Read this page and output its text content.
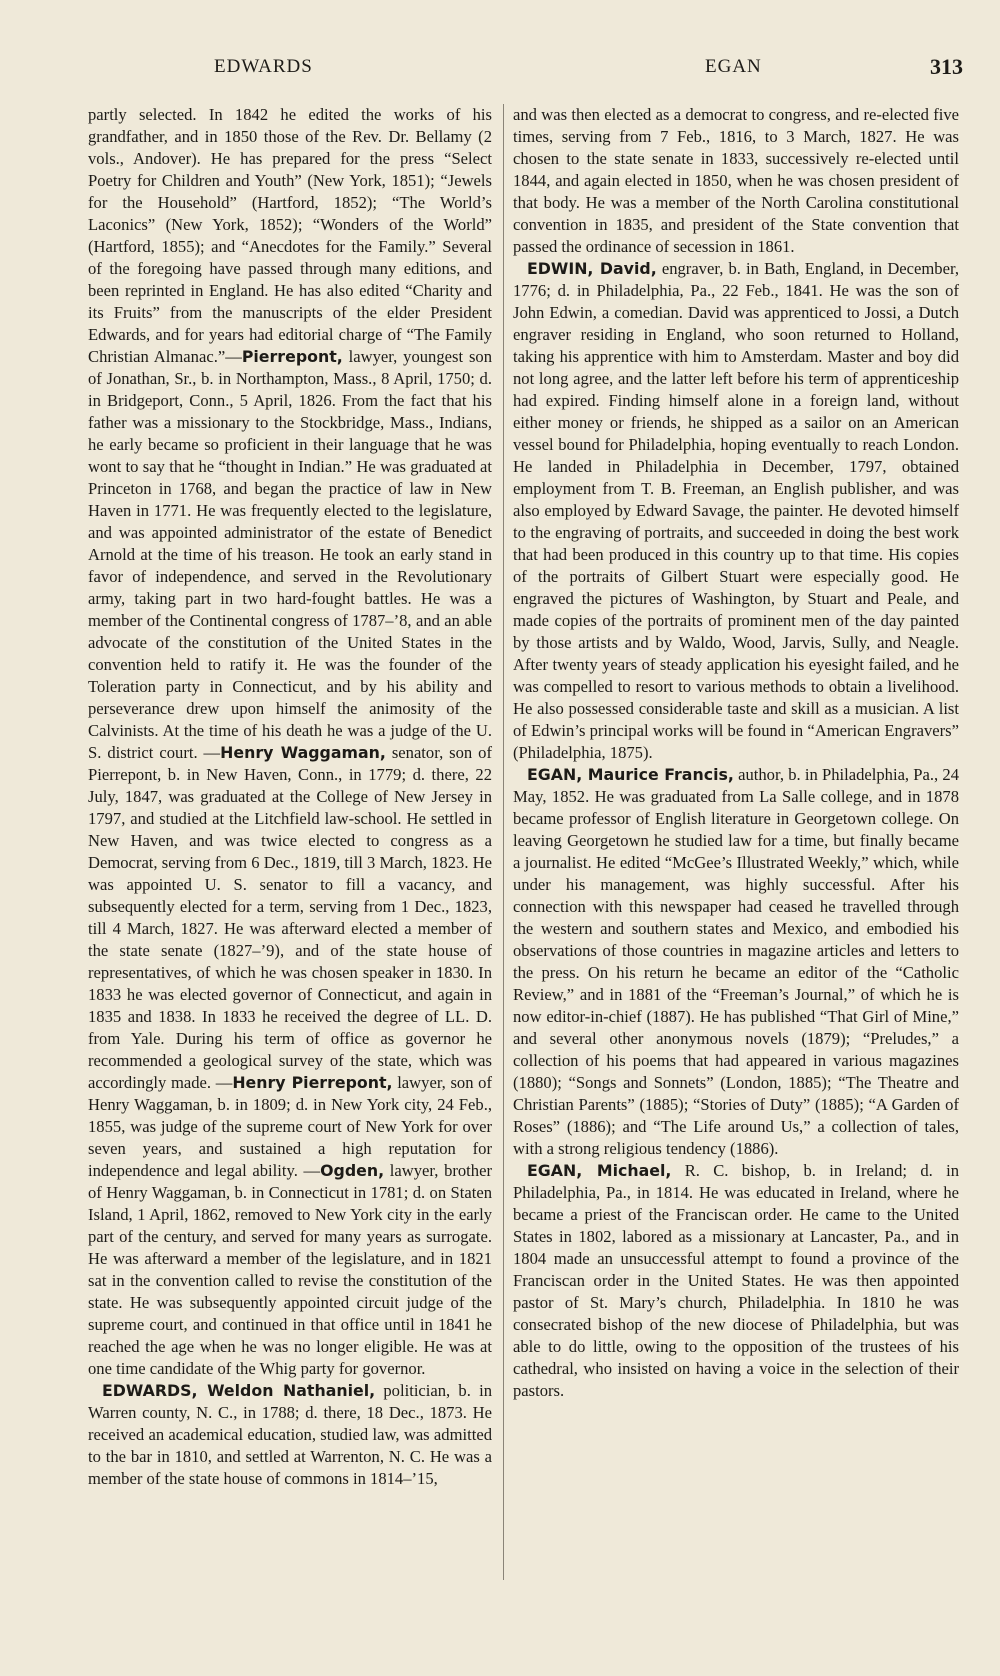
EDWARDS	EGAN	313

partly selected. In 1842 he edited the works of his grandfather, and in 1850 those of the Rev. Dr. Bellamy (2 vols., Andover). He has prepared for the press “Select Poetry for Children and Youth” (New York, 1851); “Jewels for the Household” (Hartford, 1852); “The World’s Laconics” (New York, 1852); “Wonders of the World” (Hartford, 1855); and “Anecdotes for the Family.” Several of the foregoing have passed through many editions, and been reprinted in England. He has also edited “Charity and its Fruits” from the manuscripts of the elder President Edwards, and for years had editorial charge of “The Family Christian Almanac.”—Pierrepont, lawyer, youngest son of Jonathan, Sr., b. in Northampton, Mass., 8 April, 1750; d. in Bridgeport, Conn., 5 April, 1826. From the fact that his father was a missionary to the Stockbridge, Mass., Indians, he early became so proficient in their language that he was wont to say that he “thought in Indian.” He was graduated at Princeton in 1768, and began the practice of law in New Haven in 1771. He was frequently elected to the legislature, and was appointed administrator of the estate of Benedict Arnold at the time of his treason. He took an early stand in favor of independence, and served in the Revolutionary army, taking part in two hard-fought battles. He was a member of the Continental congress of 1787–’8, and an able advocate of the constitution of the United States in the convention held to ratify it. He was the founder of the Toleration party in Connecticut, and by his ability and perseverance drew upon himself the animosity of the Calvinists. At the time of his death he was a judge of the U. S. district court. —Henry Waggaman, senator, son of Pierrepont, b. in New Haven, Conn., in 1779; d. there, 22 July, 1847, was graduated at the College of New Jersey in 1797, and studied at the Litchfield law-school. He settled in New Haven, and was twice elected to congress as a Democrat, serving from 6 Dec., 1819, till 3 March, 1823. He was appointed U. S. senator to fill a vacancy, and subsequently elected for a term, serving from 1 Dec., 1823, till 4 March, 1827. He was afterward elected a member of the state senate (1827–’9), and of the state house of representatives, of which he was chosen speaker in 1830. In 1833 he was elected governor of Connecticut, and again in 1835 and 1838. In 1833 he received the degree of LL. D. from Yale. During his term of office as governor he recommended a geological survey of the state, which was accordingly made. —Henry Pierrepont, lawyer, son of Henry Waggaman, b. in 1809; d. in New York city, 24 Feb., 1855, was judge of the supreme court of New York for over seven years, and sustained a high reputation for independence and legal ability. —Ogden, lawyer, brother of Henry Waggaman, b. in Connecticut in 1781; d. on Staten Island, 1 April, 1862, removed to New York city in the early part of the century, and served for many years as surrogate. He was afterward a member of the legislature, and in 1821 sat in the convention called to revise the constitution of the state. He was subsequently appointed circuit judge of the supreme court, and continued in that office until in 1841 he reached the age when he was no longer eligible. He was at one time candidate of the Whig party for governor.

EDWARDS, Weldon Nathaniel, politician, b. in Warren county, N. C., in 1788; d. there, 18 Dec., 1873. He received an academical education, studied law, was admitted to the bar in 1810, and settled at Warrenton, N. C. He was a member of the state house of commons in 1814–’15,

and was then elected as a democrat to congress, and re-elected five times, serving from 7 Feb., 1816, to 3 March, 1827. He was chosen to the state senate in 1833, successively re-elected until 1844, and again elected in 1850, when he was chosen president of that body. He was a member of the North Carolina constitutional convention in 1835, and president of the State convention that passed the ordinance of secession in 1861.

EDWIN, David, engraver, b. in Bath, England, in December, 1776; d. in Philadelphia, Pa., 22 Feb., 1841. He was the son of John Edwin, a comedian. David was apprenticed to Jossi, a Dutch engraver residing in England, who soon returned to Holland, taking his apprentice with him to Amsterdam. Master and boy did not long agree, and the latter left before his term of apprenticeship had expired. Finding himself alone in a foreign land, without either money or friends, he shipped as a sailor on an American vessel bound for Philadelphia, hoping eventually to reach London. He landed in Philadelphia in December, 1797, obtained employment from T. B. Freeman, an English publisher, and was also employed by Edward Savage, the painter. He devoted himself to the engraving of portraits, and succeeded in doing the best work that had been produced in this country up to that time. His copies of the portraits of Gilbert Stuart were especially good. He engraved the pictures of Washington, by Stuart and Peale, and made copies of the portraits of prominent men of the day painted by those artists and by Waldo, Wood, Jarvis, Sully, and Neagle. After twenty years of steady application his eyesight failed, and he was compelled to resort to various methods to obtain a livelihood. He also possessed considerable taste and skill as a musician. A list of Edwin’s principal works will be found in “American Engravers” (Philadelphia, 1875).

EGAN, Maurice Francis, author, b. in Philadelphia, Pa., 24 May, 1852. He was graduated from La Salle college, and in 1878 became professor of English literature in Georgetown college. On leaving Georgetown he studied law for a time, but finally became a journalist. He edited “McGee’s Illustrated Weekly,” which, while under his management, was highly successful. After his connection with this newspaper had ceased he travelled through the western and southern states and Mexico, and embodied his observations of those countries in magazine articles and letters to the press. On his return he became an editor of the “Catholic Review,” and in 1881 of the “Freeman’s Journal,” of which he is now editor-in-chief (1887). He has published “That Girl of Mine,” and several other anonymous novels (1879); “Preludes,” a collection of his poems that had appeared in various magazines (1880); “Songs and Sonnets” (London, 1885); “The Theatre and Christian Parents” (1885); “Stories of Duty” (1885); “A Garden of Roses” (1886); and “The Life around Us,” a collection of tales, with a strong religious tendency (1886).

EGAN, Michael, R. C. bishop, b. in Ireland; d. in Philadelphia, Pa., in 1814. He was educated in Ireland, where he became a priest of the Franciscan order. He came to the United States in 1802, labored as a missionary at Lancaster, Pa., and in 1804 made an unsuccessful attempt to found a province of the Franciscan order in the United States. He was then appointed pastor of St. Mary’s church, Philadelphia. In 1810 he was consecrated bishop of the new diocese of Philadelphia, but was able to do little, owing to the opposition of the trustees of his cathedral, who insisted on having a voice in the selection of their pastors.
